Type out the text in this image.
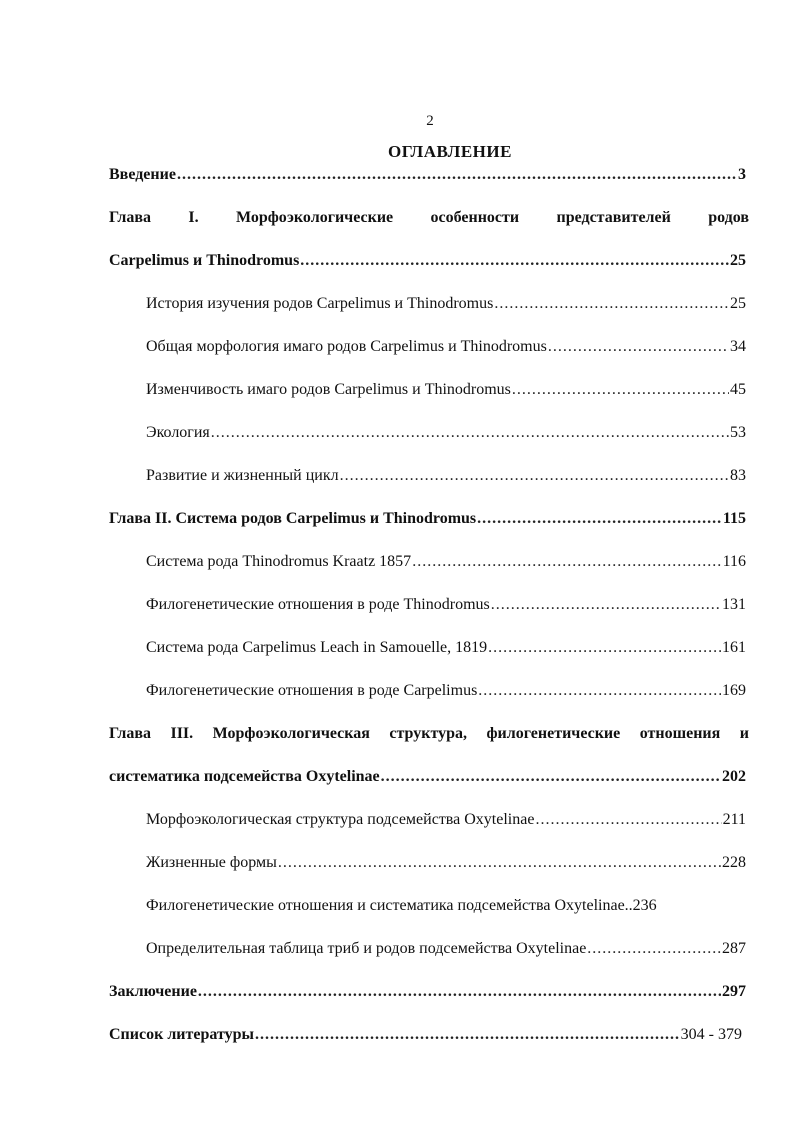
2
ОГЛАВЛЕНИЕ
Введение .....	3
Глава I. Морфоэкологические особенности представителей родов
Carpelimus и Thinodromus .....	25
История изучения родов Carpelimus и Thinodromus .....	25
Общая морфология имаго родов Carpelimus и Thinodromus .....	34
Изменчивость имаго родов Carpelimus и Thinodromus .....	45
Экология .....	53
Развитие и жизненный цикл .....	83
Глава II. Система родов Carpelimus и Thinodromus .....	115
Система рода Thinodromus Kraatz 1857 .....	116
Филогенетические отношения в роде Thinodromus .....	131
Система рода Carpelimus Leach in Samouelle, 1819 .....	161
Филогенетические отношения в роде Carpelimus .....	169
Глава III. Морфоэкологическая структура, филогенетические отношения и
систематика подсемейства Oxytelinae .....	202
Морфоэкологическая структура подсемейства Oxytelinae .....	211
Жизненные формы .....	228
Филогенетические отношения и систематика подсемейства Oxytelinae.. 236
Определительная таблица триб и родов подсемейства Oxytelinae .....	287
Заключение .....	297
Список литературы .....	304 - 379
